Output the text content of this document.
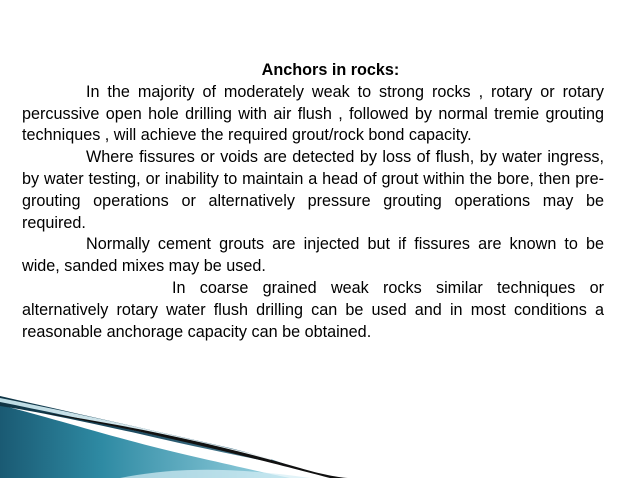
Anchors in rocks:

In the majority of moderately weak to strong rocks , rotary or rotary percussive open hole drilling with air flush , followed by normal tremie grouting techniques , will achieve the required grout/rock bond capacity.

Where fissures or voids are detected by loss of flush, by water ingress, by water testing, or inability to maintain a head of grout within the bore, then pre-grouting operations or alternatively pressure grouting operations may be required.

Normally cement grouts are injected but if fissures are known to be wide, sanded mixes may be used.

In coarse grained weak rocks similar techniques or alternatively rotary water flush drilling can be used and in most conditions a reasonable anchorage capacity can be obtained.
